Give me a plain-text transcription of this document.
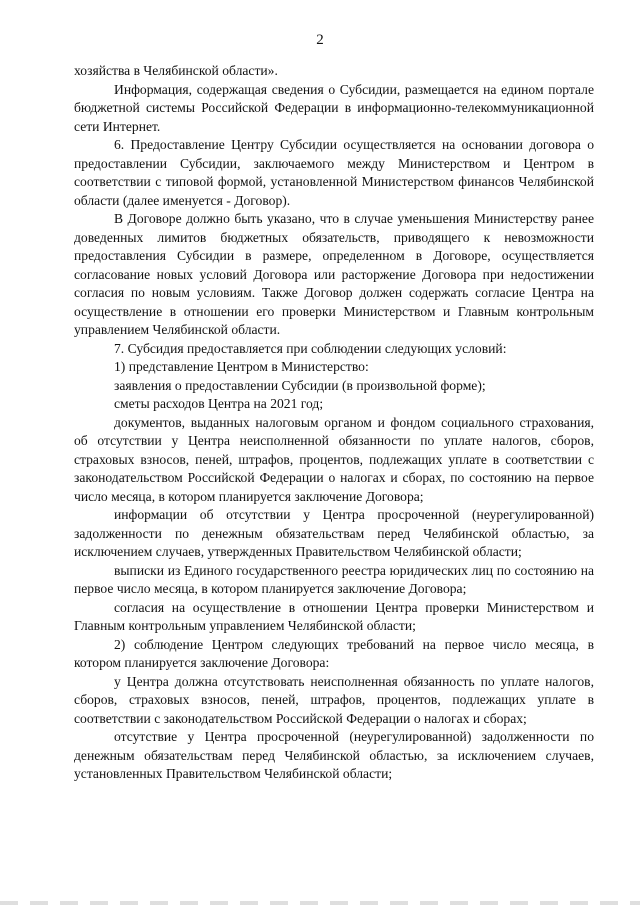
2

хозяйства в Челябинской области».

Информация, содержащая сведения о Субсидии, размещается на едином портале бюджетной системы Российской Федерации в информационно-телекоммуникационной сети Интернет.

6. Предоставление Центру Субсидии осуществляется на основании договора о предоставлении Субсидии, заключаемого между Министерством и Центром в соответствии с типовой формой, установленной Министерством финансов Челябинской области (далее именуется - Договор).

В Договоре должно быть указано, что в случае уменьшения Министерству ранее доведенных лимитов бюджетных обязательств, приводящего к невозможности предоставления Субсидии в размере, определенном в Договоре, осуществляется согласование новых условий Договора или расторжение Договора при недостижении согласия по новым условиям. Также Договор должен содержать согласие Центра на осуществление в отношении его проверки Министерством и Главным контрольным управлением Челябинской области.

7. Субсидия предоставляется при соблюдении следующих условий:

1) представление Центром в Министерство:

заявления о предоставлении Субсидии (в произвольной форме);

сметы расходов Центра на 2021 год;

документов, выданных налоговым органом и фондом социального страхования, об отсутствии у Центра неисполненной обязанности по уплате налогов, сборов, страховых взносов, пеней, штрафов, процентов, подлежащих уплате в соответствии с законодательством Российской Федерации о налогах и сборах, по состоянию на первое число месяца, в котором планируется заключение Договора;

информации об отсутствии у Центра просроченной (неурегулированной) задолженности по денежным обязательствам перед Челябинской областью, за исключением случаев, утвержденных Правительством Челябинской области;

выписки из Единого государственного реестра юридических лиц по состоянию на первое число месяца, в котором планируется заключение Договора;

согласия на осуществление в отношении Центра проверки Министерством и Главным контрольным управлением Челябинской области;

2) соблюдение Центром следующих требований на первое число месяца, в котором планируется заключение Договора:

у Центра должна отсутствовать неисполненная обязанность по уплате налогов, сборов, страховых взносов, пеней, штрафов, процентов, подлежащих уплате в соответствии с законодательством Российской Федерации о налогах и сборах;

отсутствие у Центра просроченной (неурегулированной) задолженности по денежным обязательствам перед Челябинской областью, за исключением случаев, установленных Правительством Челябинской области;
